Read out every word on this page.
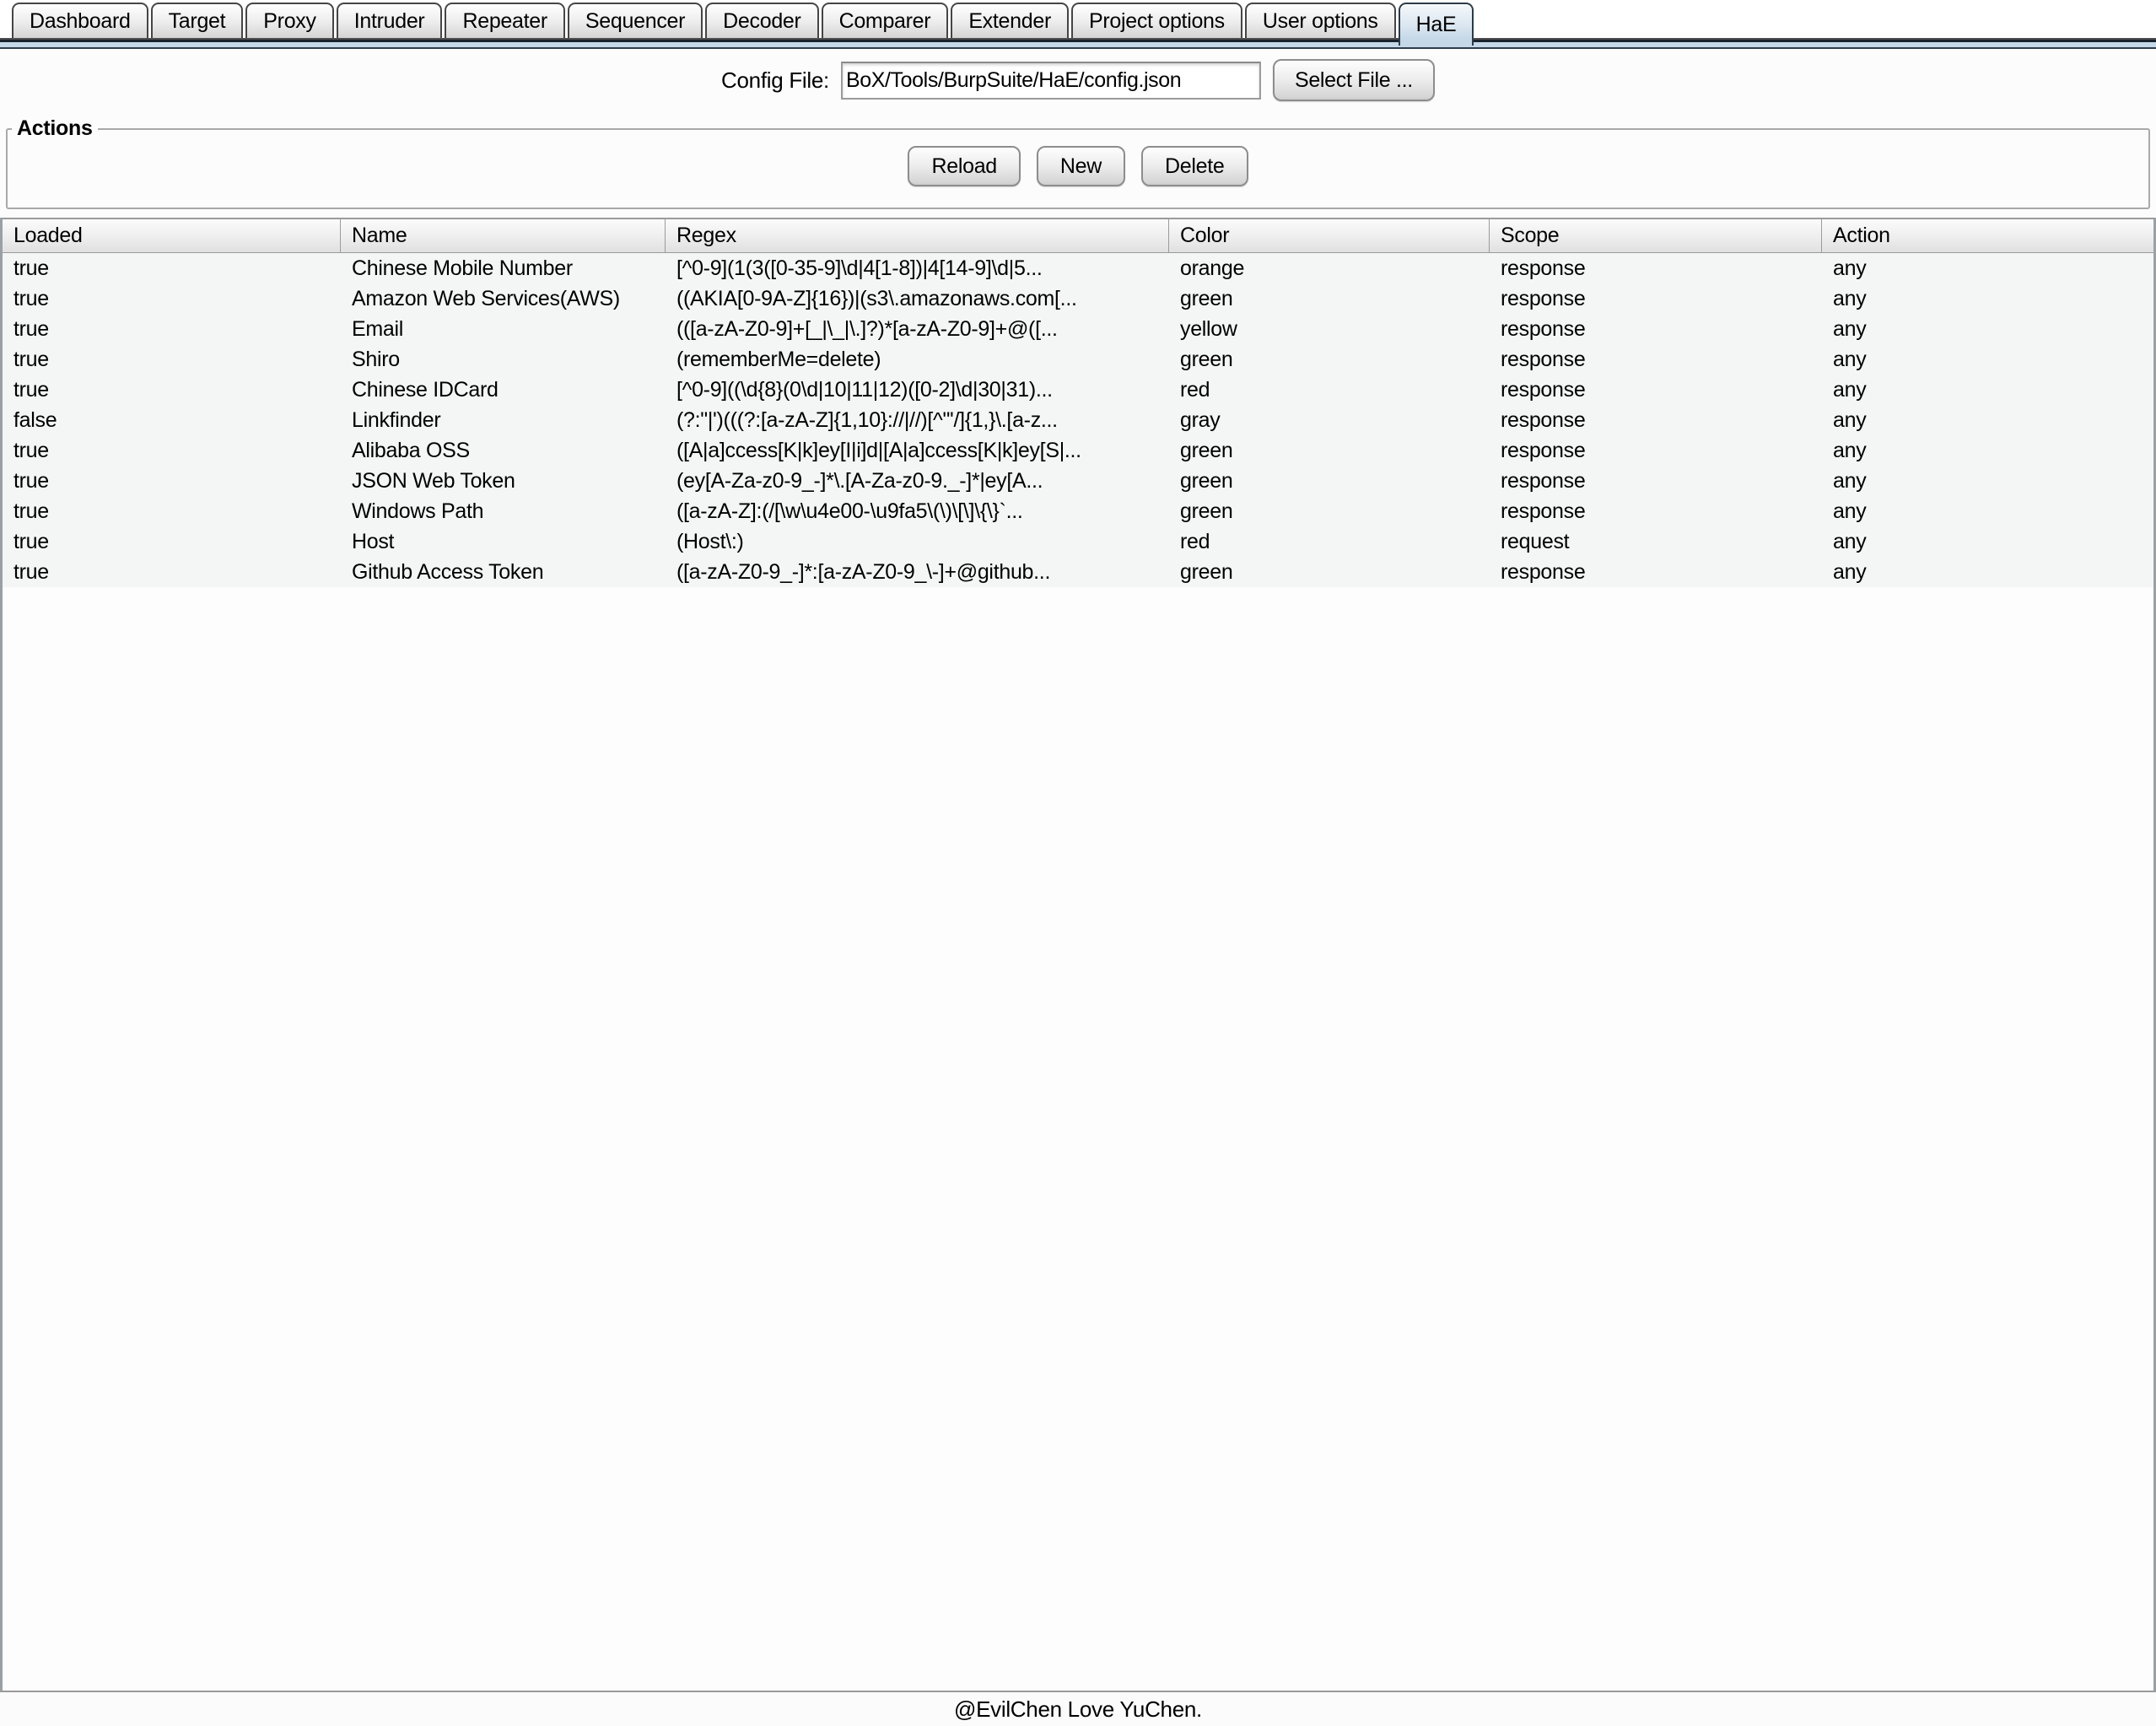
Dashboard Target Proxy Intruder Repeater Sequencer Decoder Comparer Extender Project options User options HaE
Config File:
BoX/Tools/BurpSuite/HaE/config.json	Select File ...
Actions
Reload	New	Delete
Loaded	Name	Regex	Color	Scope	Action
true	Chinese Mobile Number	[^0-9](1(3([0-35-9]\d|4[1-8])|4[14-9]\d|5...	orange	response	any
true	Amazon Web Services(AWS)	((AKIA[0-9A-Z]{16})|(s3\.amazonaws.com[...	green	response	any
true	Email	(([a-zA-Z0-9]+[_|\_|\.]?)*[a-zA-Z0-9]+@([...	yellow	response	any
true	Shiro	(rememberMe=delete)	green	response	any
true	Chinese IDCard	[^0-9]((\d{8}(0\d|10|11|12)([0-2]\d|30|31)...	red	response	any
false	Linkfinder	(?:"|')(((?:[a-zA-Z]{1,10}://|//)[^"'/]{1,}\.[a-z...	gray	response	any
true	Alibaba OSS	([A|a]ccess[K|k]ey[I|i]d|[A|a]ccess[K|k]ey[S|...	green	response	any
true	JSON Web Token	(ey[A-Za-z0-9_-]*\.[A-Za-z0-9._-]*|ey[A...	green	response	any
true	Windows Path	([a-zA-Z]:(/[\w\u4e00-\u9fa5\(\)\[\]\{\}`...	green	response	any
true	Host	(Host\:)	red	request	any
true	Github Access Token	([a-zA-Z0-9_-]*:[a-zA-Z0-9_\-]+@github...	green	response	any
@EvilChen Love YuChen.
